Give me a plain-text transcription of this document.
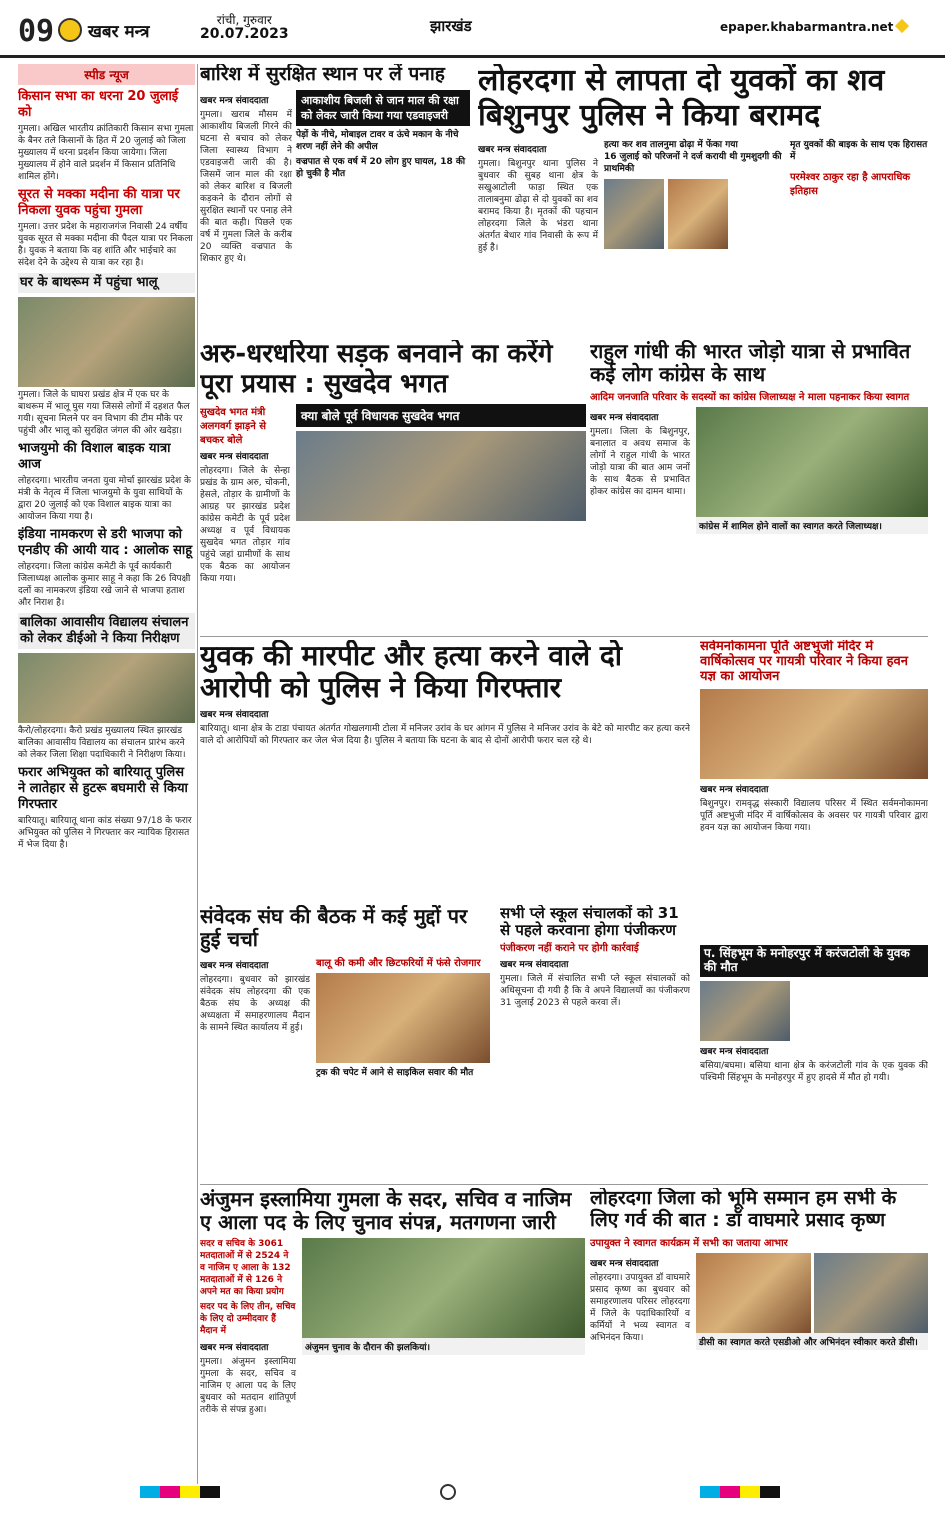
09 खबर मन्त्र
रांची, गुरुवार
20.07.2023	झारखंड	epaper.khabarmantra.net
स्पीड न्यूज
किसान सभा का धरना 20 जुलाई को
गुमला। अखिल भारतीय क्रांतिकारी किसान सभा गुमला के बैनर तले किसानों के हित में 20 जुलाई को जिला मुख्यालय में धरना प्रदर्शन किया जायेगा। जिला मुख्यालय में होने वाले प्रदर्शन में किसान प्रतिनिधि शामिल होंगे।
सूरत से मक्का मदीना की यात्रा पर निकला युवक पहुंचा गुमला
गुमला। उत्तर प्रदेश के महाराजगंज निवासी 24 वर्षीय युवक सूरत से मक्का मदीना की पैदल यात्रा पर निकला है। युवक ने बताया कि वह शांति और भाईचारे का संदेश देने के उद्देश्य से यात्रा कर रहा है।
घर के बाथरूम में पहुंचा भालू
गुमला। जिले के घाघरा प्रखंड क्षेत्र में एक घर के बाथरूम में भालू घुस गया जिससे लोगों में दहशत फैल गयी। सूचना मिलने पर वन विभाग की टीम मौके पर पहुंची और भालू को सुरक्षित जंगल की ओर खदेड़ा।
भाजयुमो की विशाल बाइक यात्रा आज
लोहरदगा। भारतीय जनता युवा मोर्चा झारखंड प्रदेश के मंत्री के नेतृत्व में जिला भाजयुमो के युवा साथियों के द्वारा 20 जुलाई को एक विशाल बाइक यात्रा का आयोजन किया गया है।
इंडिया नामकरण से डरी भाजपा को एनडीए की आयी याद : आलोक साहू
लोहरदगा। जिला कांग्रेस कमेटी के पूर्व कार्यकारी जिलाध्यक्ष आलोक कुमार साहू ने कहा कि 26 विपक्षी दलों का नामकरण इंडिया रखे जाने से भाजपा हताश और निराश है।
बालिका आवासीय विद्यालय संचालन को लेकर डीईओ ने किया निरीक्षण
कैरो/लोहरदगा। कैरो प्रखंड मुख्यालय स्थित झारखंड बालिका आवासीय विद्यालय का संचालन प्रारंभ करने को लेकर जिला शिक्षा पदाधिकारी ने निरीक्षण किया।
फरार अभियुक्त को बारियातू पुलिस ने लातेहार से हुटरू बघमारी से किया गिरफ्तार
बारियातू। बारियातू थाना कांड संख्या 97/18 के फरार अभियुक्त को पुलिस ने गिरफ्तार कर न्यायिक हिरासत में भेज दिया है।
बारिश में सुरक्षित स्थान पर लें पनाह
खबर मन्त्र संवाददाता
गुमला। खराब मौसम में आकाशीय बिजली गिरने की घटना से बचाव को लेकर जिला स्वास्थ्य विभाग ने एडवाइजरी जारी की है। जिसमें जान माल की रक्षा को लेकर बारिश व बिजली कड़कने के दौरान लोगों से सुरक्षित स्थानों पर पनाह लेने की बात कही। पिछले एक वर्ष में गुमला जिले के करीब 20 व्यक्ति वज्रपात के शिकार हुए थे।
आकाशीय बिजली से जान माल की रक्षा को लेकर जारी किया गया एडवाइजरी
पेड़ों के नीचे, मोबाइल टावर व ऊंचे मकान के नीचे शरण नहीं लेने की अपील
वज्रपात से एक वर्ष में 20 लोग हुए घायल, 18 की हो चुकी है मौत
लोहरदगा से लापता दो युवकों का शव बिशुनपुर पुलिस ने किया बरामद
खबर मन्त्र संवाददाता
गुमला। बिशुनपुर थाना पुलिस ने बुधवार की सुबह थाना क्षेत्र के सखुआटोली फाड़ा स्थित एक तालाबनुमा ढोढ़ा से दो युवकों का शव बरामद किया है। मृतकों की पहचान लोहरदगा जिले के भंडरा थाना अंतर्गत बेधार गांव निवासी के रूप में हुई है।
हत्या कर शव तालनुमा ढोढ़ा में फेंका गया
16 जुलाई को परिजनों ने दर्ज करायी थी गुमशुदगी की प्राथमिकी
मृत युवकों की बाइक के साथ एक हिरासत में
परमेश्वर ठाकुर रहा है आपराधिक इतिहास
अरु-धरधरिया सड़क बनवाने का करेंगे पूरा प्रयास : सुखदेव भगत
सुखदेव भगत मंत्री अलगवर्ग झाड़ने से बचकर बोले
खबर मन्त्र संवाददाता
लोहरदगा। जिले के सेन्हा प्रखंड के ग्राम अरु, चोकनी, हेसले, तोड़ार के ग्रामीणों के आग्रह पर झारखंड प्रदेश कांग्रेस कमेटी के पूर्व प्रदेश अध्यक्ष व पूर्व विधायक सुखदेव भगत तोड़ार गांव पहुंचे जहां ग्रामीणों के साथ एक बैठक का आयोजन किया गया।
क्या बोले पूर्व विधायक सुखदेव भगत
राहुल गांधी की भारत जोड़ो यात्रा से प्रभावित कई लोग कांग्रेस के साथ
आदिम जनजाति परिवार के सदस्यों का कांग्रेस जिलाध्यक्ष ने माला पहनाकर किया स्वागत
खबर मन्त्र संवाददाता
गुमला। जिला के बिशुनपुर, बनालात व अवध समाज के लोगों ने राहुल गांधी के भारत जोड़ो यात्रा की बात आम जनों के साथ बैठक से प्रभावित होकर कांग्रेस का दामन थामा।
कांग्रेस में शामिल होने वालों का स्वागत करते जिलाध्यक्ष।
युवक की मारपीट और हत्या करने वाले दो आरोपी को पुलिस ने किया गिरफ्तार
खबर मन्त्र संवाददाता
बारियातू। थाना क्षेत्र के टाडा पंचायत अंतर्गत गोखलगामी टोला में मनिजर उरांव के घर आंगन में पुलिस ने मनिजर उरांव के बेटे को मारपीट कर हत्या करने वाले दो आरोपियों को गिरफ्तार कर जेल भेज दिया है। पुलिस ने बताया कि घटना के बाद से दोनों आरोपी फरार चल रहे थे।
संवेदक संघ की बैठक में कई मुद्दों पर हुई चर्चा
खबर मन्त्र संवाददाता
लोहरदगा। बुधवार को झारखंड संवेदक संघ लोहरदगा की एक बैठक संघ के अध्यक्ष की अध्यक्षता में समाहरणालय मैदान के सामने स्थित कार्यालय में हुई।
बालू की कमी और छिटफरियों में फंसे रोजगार
ट्रक की चपेट में आने से साइकिल सवार की मौत
सभी प्ले स्कूल संचालकों को 31 से पहले करवाना होगा पंजीकरण
पंजीकरण नहीं कराने पर होगी कार्रवाई
खबर मन्त्र संवाददाता
गुमला। जिले में संचालित सभी प्ले स्कूल संचालकों को अधिसूचना दी गयी है कि वे अपने विद्यालयों का पंजीकरण 31 जुलाई 2023 से पहले करवा लें।
सर्वमनोकामना पूर्ति अष्टभुजी मंदिर में वार्षिकोत्सव पर गायत्री परिवार ने किया हवन यज्ञ का आयोजन
खबर मन्त्र संवाददाता
बिशुनपुर। रामवृद्ध संस्कारी विद्यालय परिसर में स्थित सर्वमनोकामना पूर्ति अष्टभुजी मंदिर में वार्षिकोत्सव के अवसर पर गायत्री परिवार द्वारा हवन यज्ञ का आयोजन किया गया।
प. सिंहभूम के मनोहरपुर में करंजटोली के युवक की मौत
खबर मन्त्र संवाददाता
बसिया/बघमा। बसिया थाना क्षेत्र के करंजटोली गांव के एक युवक की पश्चिमी सिंहभूम के मनोहरपुर में हुए हादसे में मौत हो गयी।
अंजुमन इस्लामिया गुमला के सदर, सचिव व नाजिम ए आला पद के लिए चुनाव संपन्न, मतगणना जारी
सदर व सचिव के 3061 मतदाताओं में से 2524 ने व नाजिम ए आला के 132 मतदाताओं में से 126 ने अपने मत का किया प्रयोग
सदर पद के लिए तीन, सचिव के लिए दो उम्मीदवार हैं मैदान में
खबर मन्त्र संवाददाता
गुमला। अंजुमन इस्लामिया गुमला के सदर, सचिव व नाजिम ए आला पद के लिए बुधवार को मतदान शांतिपूर्ण तरीके से संपन्न हुआ।
अंजुमन चुनाव के दौरान की झलकियां।
लोहरदगा जिला को भूमि सम्मान हम सभी के लिए गर्व की बात : डॉ वाघमारे प्रसाद कृष्ण
उपायुक्त ने स्वागत कार्यक्रम में सभी का जताया आभार
खबर मन्त्र संवाददाता
लोहरदगा। उपायुक्त डॉ वाघमारे प्रसाद कृष्ण का बुधवार को समाहरणालय परिसर लोहरदगा में जिले के पदाधिकारियों व कर्मियों ने भव्य स्वागत व अभिनंदन किया।	डीसी का स्वागत करते एसडीओ और अभिनंदन स्वीकार करते डीसी।
